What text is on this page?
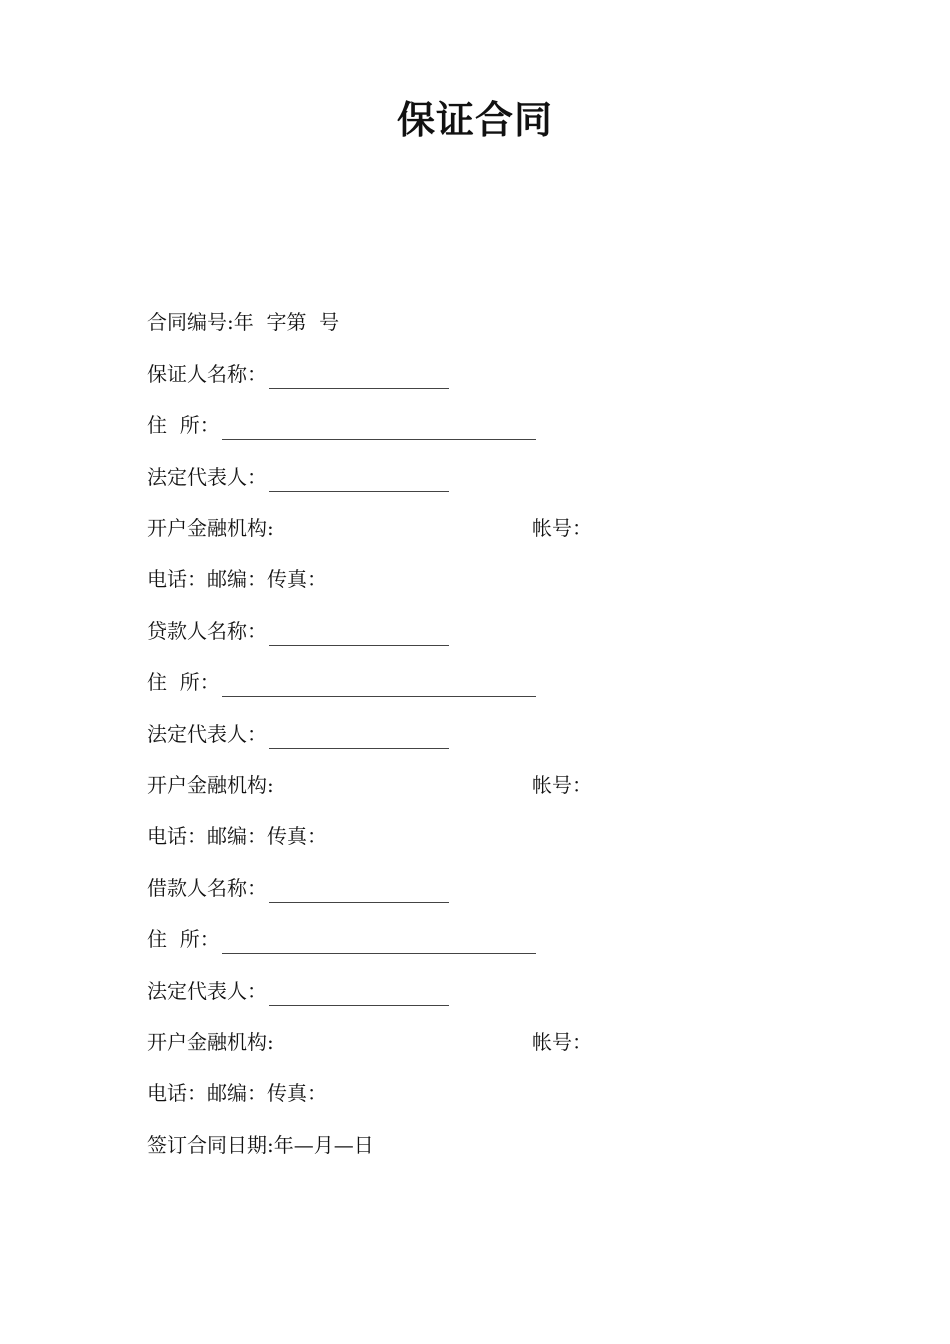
保证合同
合同编号:年  字第  号
保证人名称：
住  所：
法定代表人：
开户金融机构:	帐号：
电话：邮编：传真：
贷款人名称：
住  所：
法定代表人：
开户金融机构:	帐号：
电话：邮编：传真：
借款人名称：
住  所：
法定代表人：
开户金融机构:	帐号：
电话：邮编：传真：
签订合同日期:年—月—日
